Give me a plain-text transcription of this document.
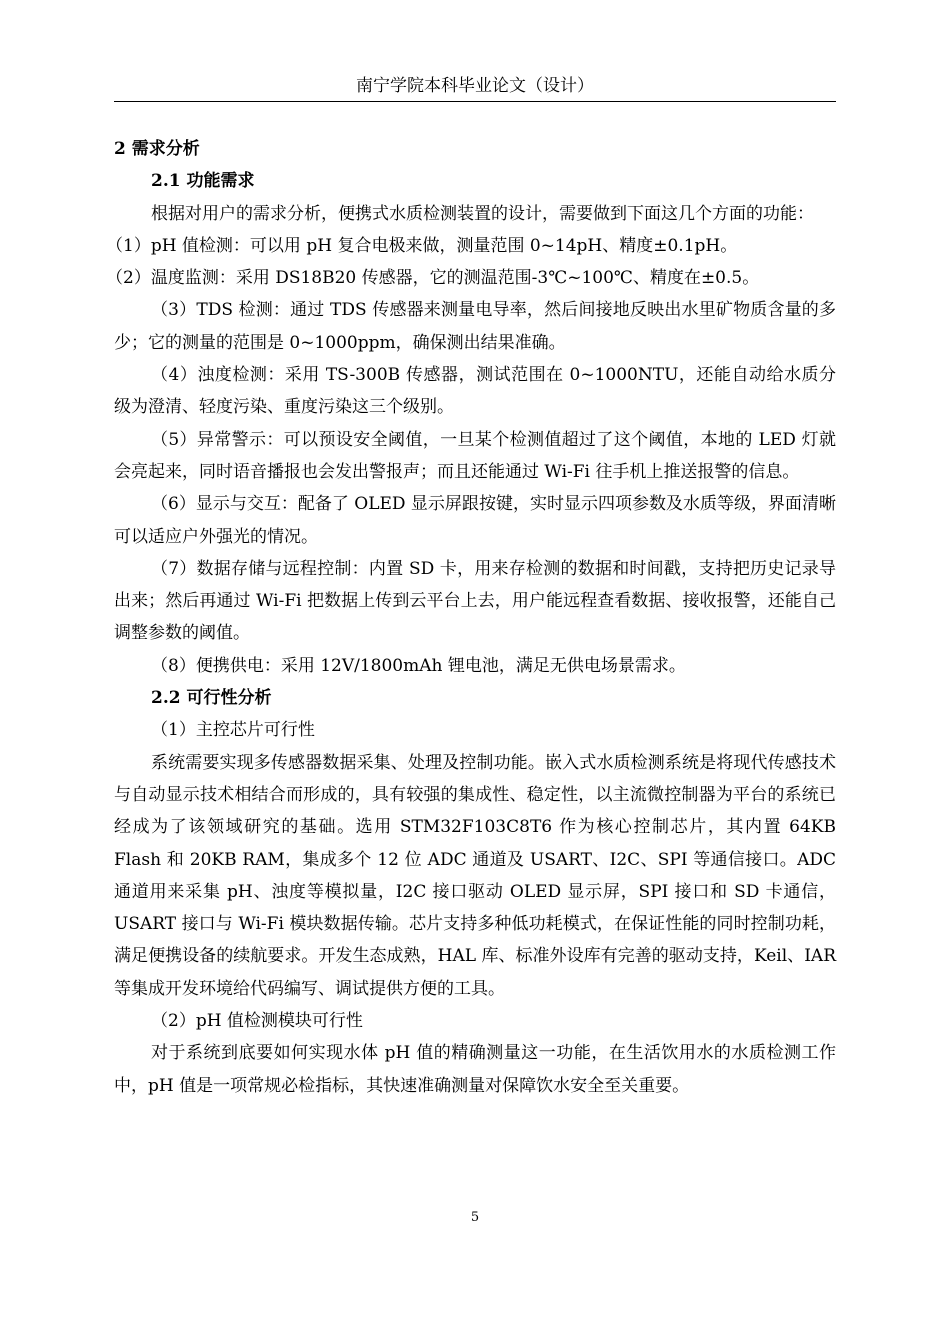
南宁学院本科毕业论文（设计）

2 需求分析

2.1 功能需求

根据对用户的需求分析，便携式水质检测装置的设计，需要做到下面这几个方面的功能：

（1）pH 值检测：可以用 pH 复合电极来做，测量范围 0~14pH、精度±0.1pH。

（2）温度监测：采用 DS18B20 传感器，它的测温范围-3℃~100℃、精度在±0.5。

（3）TDS 检测：通过 TDS 传感器来测量电导率，然后间接地反映出水里矿物质含量的多少；它的测量的范围是 0~1000ppm，确保测出结果准确。

（4）浊度检测：采用 TS-300B 传感器，测试范围在 0~1000NTU，还能自动给水质分级为澄清、轻度污染、重度污染这三个级别。

（5）异常警示：可以预设安全阈值，一旦某个检测值超过了这个阈值，本地的 LED 灯就会亮起来，同时语音播报也会发出警报声；而且还能通过 Wi-Fi 往手机上推送报警的信息。

（6）显示与交互：配备了 OLED 显示屏跟按键，实时显示四项参数及水质等级，界面清晰可以适应户外强光的情况。

（7）数据存储与远程控制：内置 SD 卡，用来存检测的数据和时间戳，支持把历史记录导出来；然后再通过 Wi-Fi 把数据上传到云平台上去，用户能远程查看数据、接收报警，还能自己调整参数的阈值。

（8）便携供电：采用 12V/1800mAh 锂电池，满足无供电场景需求。

2.2 可行性分析

（1）主控芯片可行性

系统需要实现多传感器数据采集、处理及控制功能。嵌入式水质检测系统是将现代传感技术与自动显示技术相结合而形成的，具有较强的集成性、稳定性，以主流微控制器为平台的系统已经成为了该领域研究的基础。选用 STM32F103C8T6 作为核心控制芯片，其内置 64KB Flash 和 20KB RAM，集成多个 12 位 ADC 通道及 USART、I2C、SPI 等通信接口。ADC 通道用来采集 pH、浊度等模拟量，I2C 接口驱动 OLED 显示屏，SPI 接口和 SD 卡通信，USART 接口与 Wi-Fi 模块数据传输。芯片支持多种低功耗模式，在保证性能的同时控制功耗，满足便携设备的续航要求。开发生态成熟，HAL 库、标准外设库有完善的驱动支持，Keil、IAR 等集成开发环境给代码编写、调试提供方便的工具。

（2）pH 值检测模块可行性

对于系统到底要如何实现水体 pH 值的精确测量这一功能，在生活饮用水的水质检测工作中，pH 值是一项常规必检指标，其快速准确测量对保障饮水安全至关重要。

5
